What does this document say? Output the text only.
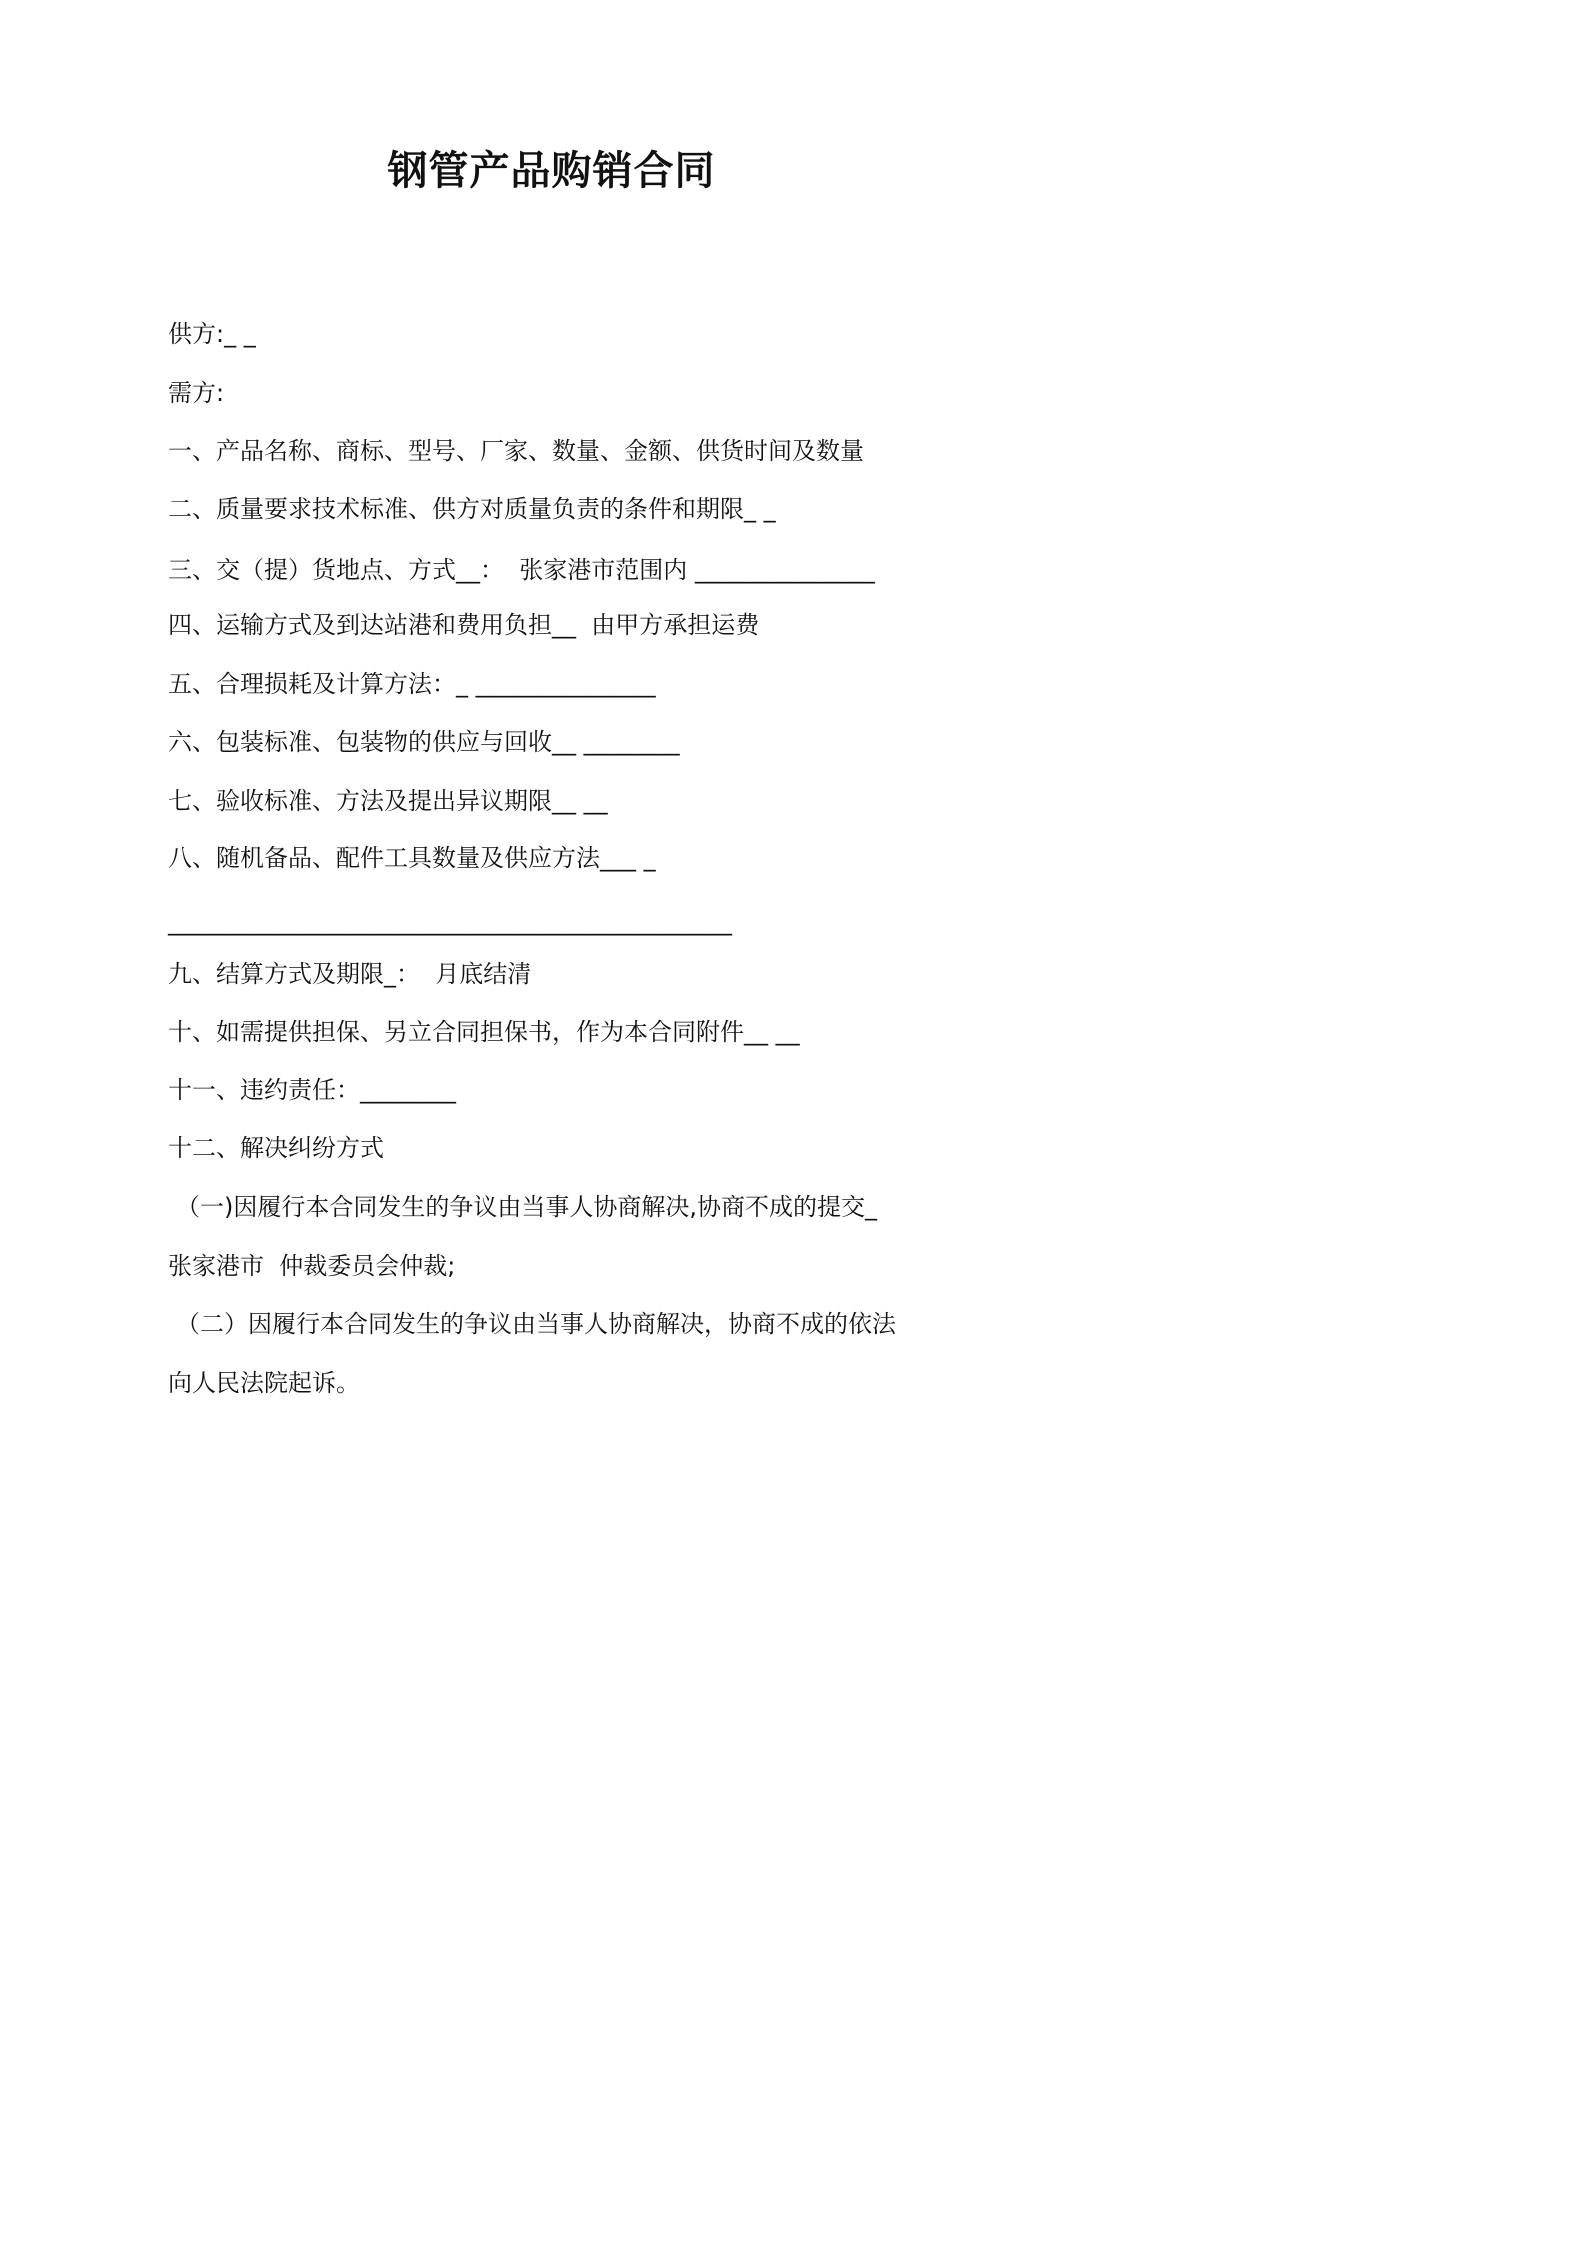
钢管产品购销合同

供方:_ _

需方:

一、产品名称、商标、型号、厂家、数量、金额、供货时间及数量

二、质量要求技术标准、供方对质量负责的条件和期限_ _

三、交（提）货地点、方式__：  张家港市范围内 _______________

四、运输方式及到达站港和费用负担__  由甲方承担运费

五、合理损耗及计算方法：_ _______________

六、包装标准、包装物的供应与回收__ ________

七、验收标准、方法及提出异议期限__ __

八、随机备品、配件工具数量及供应方法___ _

_______________________________________________

九、结算方式及期限_：  月底结清

十、如需提供担保、另立合同担保书，作为本合同附件__ __

十一、违约责任：________

十二、解决纠纷方式

（一)因履行本合同发生的争议由当事人协商解决,协商不成的提交_

张家港市  仲裁委员会仲裁;

（二）因履行本合同发生的争议由当事人协商解决，协商不成的依法

向人民法院起诉。
